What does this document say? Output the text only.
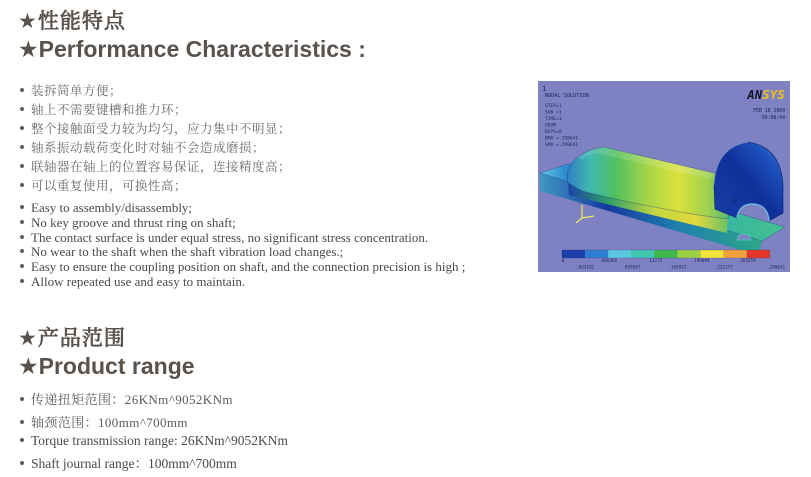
★性能特点
★Performance Characteristics :
装拆简单方便；
轴上不需要键槽和推力环；
整个接触面受力较为均匀，应力集中不明显；
轴系振动载荷变化时对轴不会造成磨损；
联轴器在轴上的位置容易保证，连接精度高；
可以重复使用，可换性高；
Easy to assembly/disassembly;
No key groove and thrust ring on shaft;
The contact surface is under equal stress, no significant stress concentration.
No wear to the shaft when the shaft vibration load changes.;
Easy to ensure the coupling position on shaft, and the connection precision is high ;
Allow repeated use and easy to maintain.
1
NODAL SOLUTION
STEP=1
SUB =1
TIME=1
USUM
RSYS=0
DMX =.298641
SMX =.298641
ANSYS
FEB 18 2009
09:08:04
MX
0	.066365	.13273	.199094	.265459
.033182	.099547	.165912	.232277	.298641
★产品范围
★Product range
传递扭矩范围：26KNm^9052KNm
轴颈范围：100mm^700mm
Torque transmission range: 26KNm^9052KNm
Shaft journal range：100mm^700mm
